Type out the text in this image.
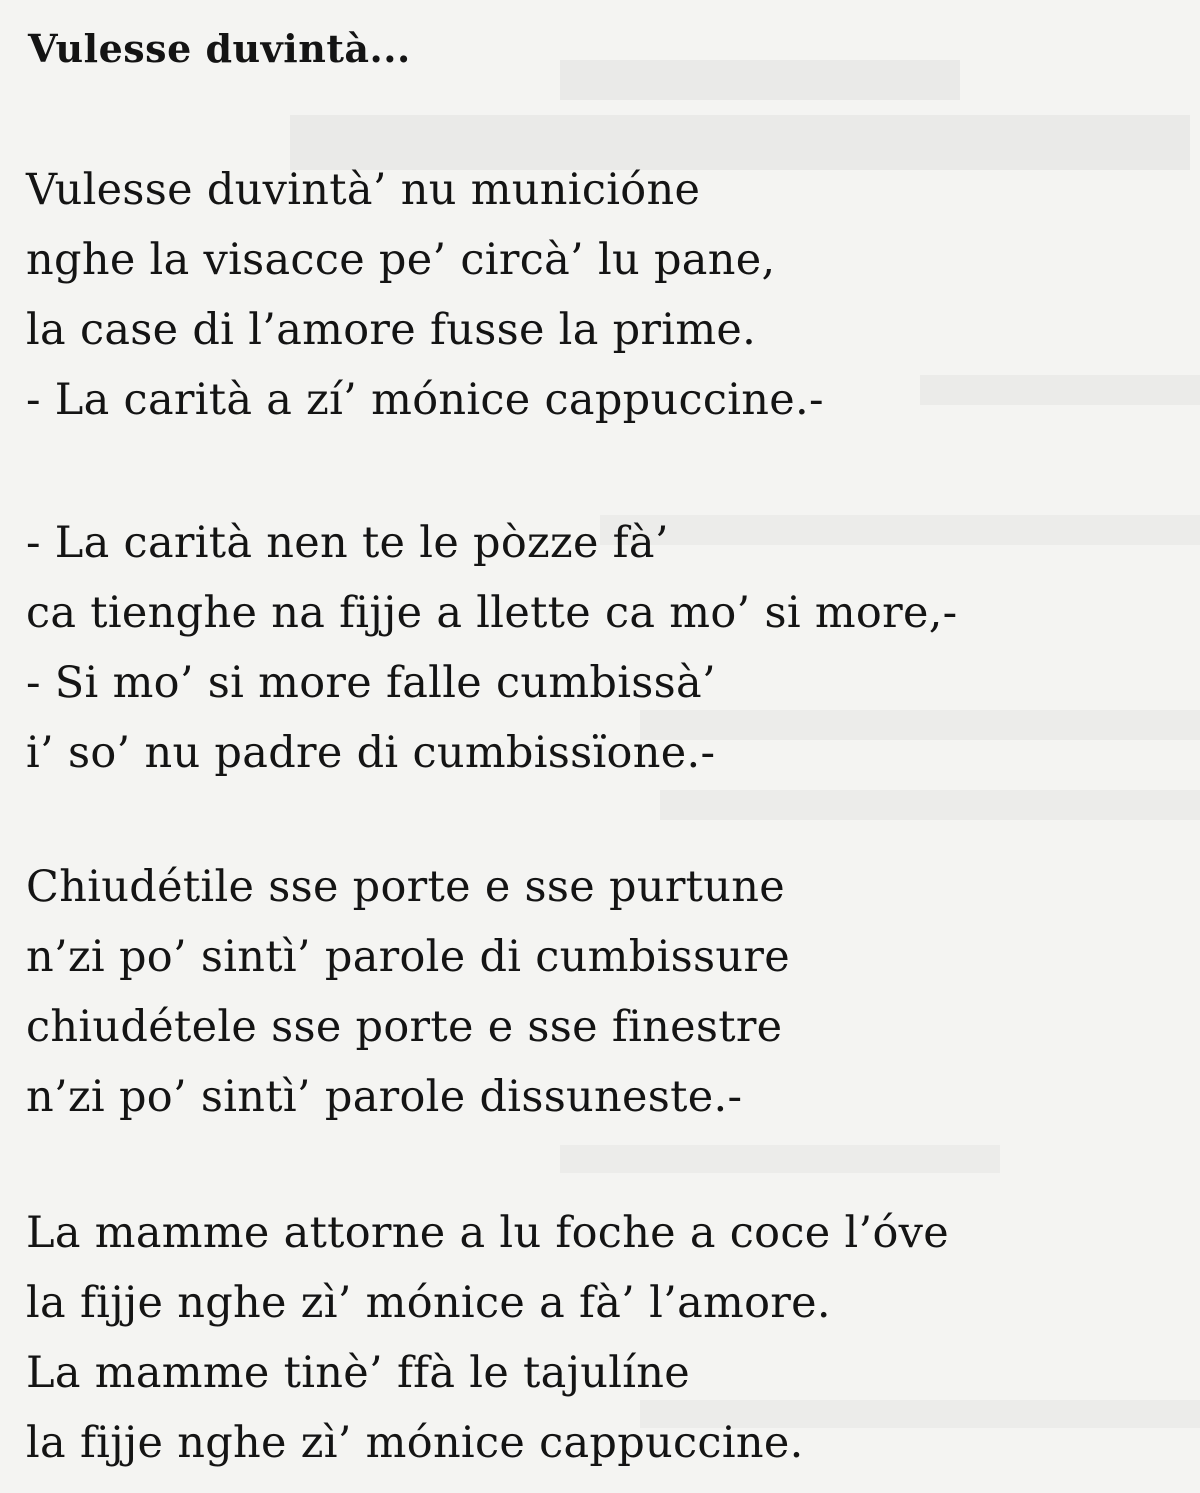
Vulesse duvintà...
Vulesse duvintà’ nu municióne
nghe la visacce pe’ circà’ lu pane,
la case di l’amore fusse la prime.
- La carità a zí’ mónice cappuccine.-
- La carità nen te le pòzze fà’
ca tienghe na fijje a llette ca mo’ si more,-
- Si mo’ si more falle cumbissà’
i’ so’ nu padre di cumbissïone.-
Chiudétile sse porte e sse purtune
n’zi po’ sintì’ parole di cumbissure
chiudétele sse porte e sse finestre
n’zi po’ sintì’ parole dissuneste.-
La mamme attorne a lu foche a coce l’óve
la fijje nghe zì’ mónice a fà’ l’amore.
La mamme tinè’ ffà le tajulíne
la fijje nghe zì’ mónice cappuccine.
